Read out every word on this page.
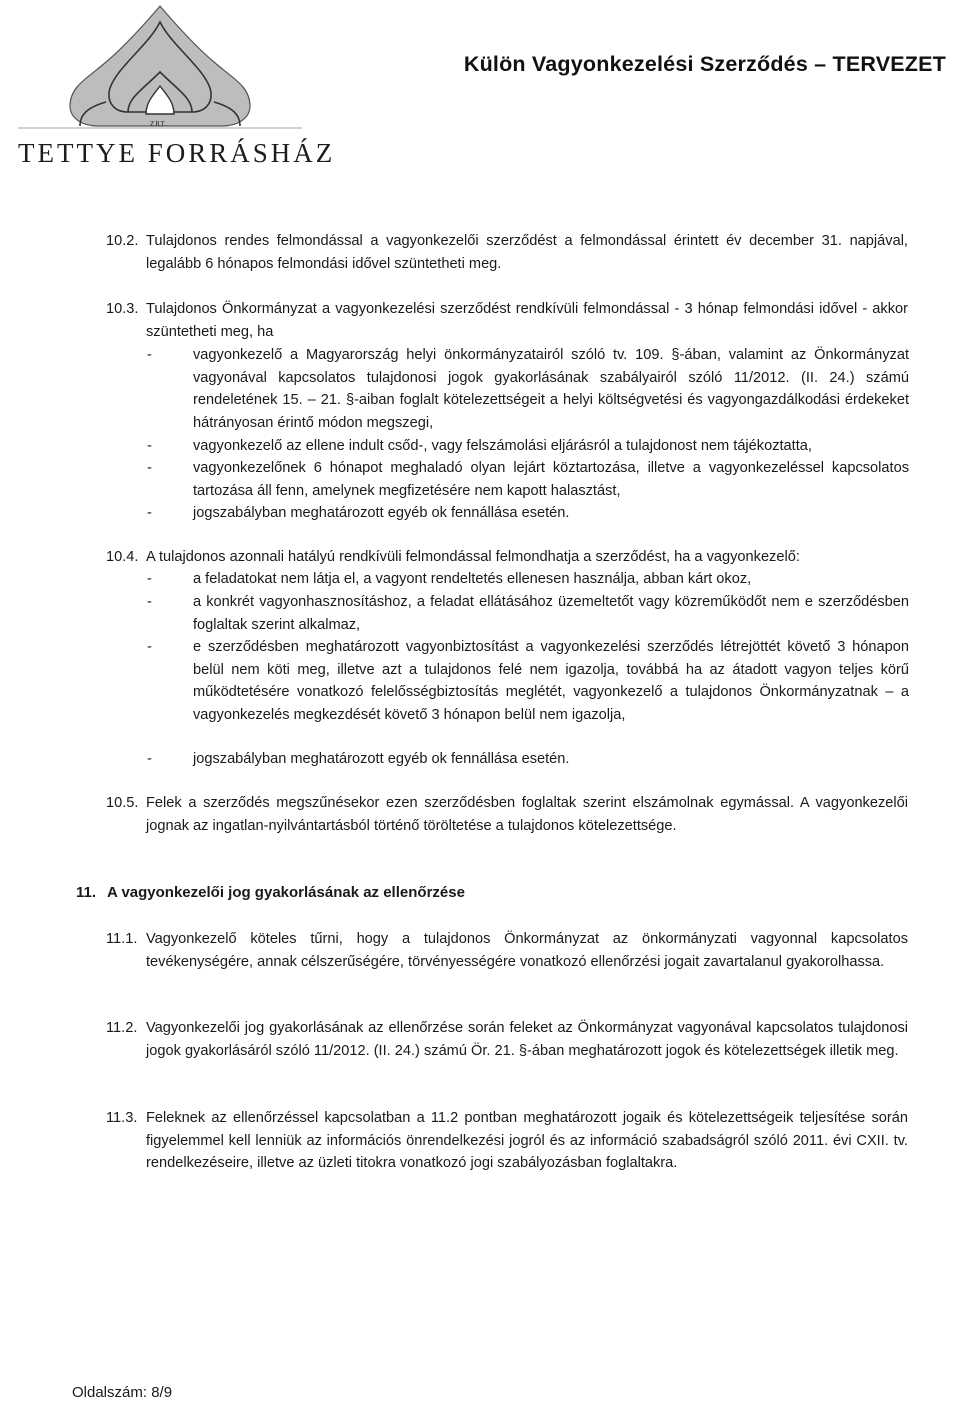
ZRT.
TETTYE FORRÁSHÁZ
Külön Vagyonkezelési Szerződés – TERVEZET
10.2. Tulajdonos rendes felmondással a vagyonkezelői szerződést a felmondással érintett év december 31. napjával, legalább 6 hónapos felmondási idővel szüntetheti meg.
10.3. Tulajdonos Önkormányzat a vagyonkezelési szerződést rendkívüli felmondással - 3 hónap felmondási idővel - akkor szüntetheti meg, ha
-	vagyonkezelő a Magyarország helyi önkormányzatairól szóló tv. 109. §-ában, valamint az Önkormányzat vagyonával kapcsolatos tulajdonosi jogok gyakorlásának szabályairól szóló 11/2012. (II. 24.) számú rendeletének 15. – 21. §-aiban foglalt kötelezettségeit a helyi költségvetési és vagyongazdálkodási érdekeket hátrányosan érintő módon megszegi,
-	vagyonkezelő az ellene indult csőd-, vagy felszámolási eljárásról a tulajdonost nem tájékoztatta,
-	vagyonkezelőnek 6 hónapot meghaladó olyan lejárt köztartozása, illetve a vagyonkezeléssel kapcsolatos tartozása áll fenn, amelynek megfizetésére nem kapott halasztást,
-	jogszabályban meghatározott egyéb ok fennállása esetén.
10.4. A tulajdonos azonnali hatályú rendkívüli felmondással felmondhatja a szerződést, ha a vagyonkezelő:
-	a feladatokat nem látja el, a vagyont rendeltetés ellenesen használja, abban kárt okoz,
-	a konkrét vagyonhasznosításhoz, a feladat ellátásához üzemeltetőt vagy közreműködőt nem e szerződésben foglaltak szerint alkalmaz,
-	e szerződésben meghatározott vagyonbiztosítást a vagyonkezelési szerződés létrejöttét követő 3 hónapon belül nem köti meg, illetve azt a tulajdonos felé nem igazolja, továbbá ha az átadott vagyon teljes körű működtetésére vonatkozó felelősségbiztosítás meglétét, vagyonkezelő a tulajdonos Önkormányzatnak – a vagyonkezelés megkezdését követő 3 hónapon belül nem igazolja,
-	jogszabályban meghatározott egyéb ok fennállása esetén.
10.5. Felek a szerződés megszűnésekor ezen szerződésben foglaltak szerint elszámolnak egymással. A vagyonkezelői jognak az ingatlan-nyilvántartásból történő töröltetése a tulajdonos kötelezettsége.
11. A vagyonkezelői jog gyakorlásának az ellenőrzése
11.1. Vagyonkezelő köteles tűrni, hogy a tulajdonos Önkormányzat az önkormányzati vagyonnal kapcsolatos tevékenységére, annak célszerűségére, törvényességére vonatkozó ellenőrzési jogait zavartalanul gyakorolhassa.
11.2. Vagyonkezelői jog gyakorlásának az ellenőrzése során feleket az Önkormányzat vagyonával kapcsolatos tulajdonosi jogok gyakorlásáról szóló 11/2012. (II. 24.) számú Ör. 21. §-ában meghatározott jogok és kötelezettségek illetik meg.
11.3. Feleknek az ellenőrzéssel kapcsolatban a 11.2 pontban meghatározott jogaik és kötelezettségeik teljesítése során figyelemmel kell lenniük az információs önrendelkezési jogról és az információ szabadságról szóló 2011. évi CXII. tv. rendelkezéseire, illetve az üzleti titokra vonatkozó jogi szabályozásban foglaltakra.
Oldalszám: 8/9
